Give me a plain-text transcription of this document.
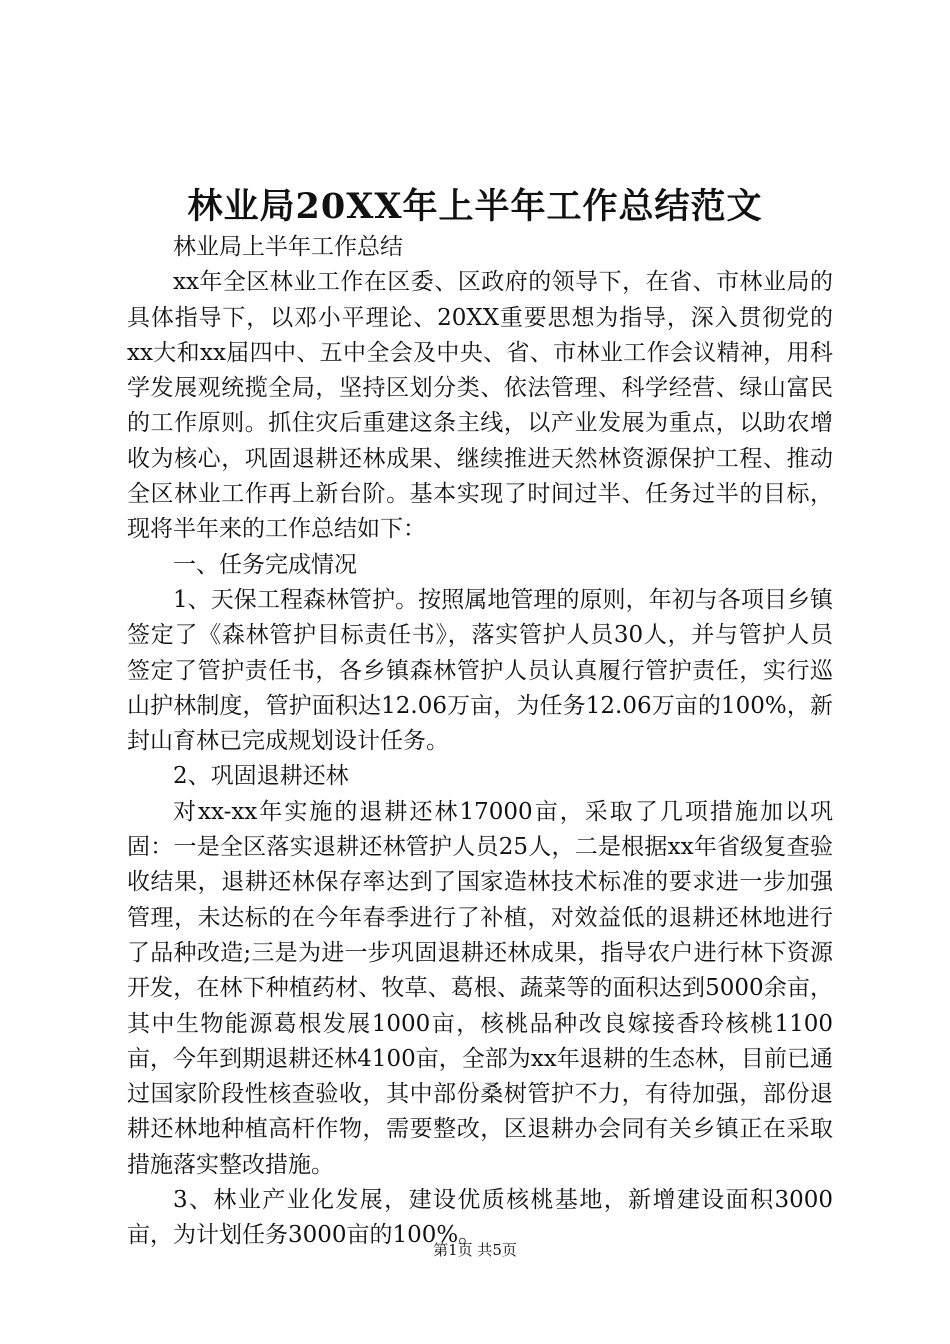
林业局20XX年上半年工作总结范文

林业局上半年工作总结

xx年全区林业工作在区委、区政府的领导下，在省、市林业局的具体指导下，以邓小平理论、20XX重要思想为指导，深入贯彻党的xx大和xx届四中、五中全会及中央、省、市林业工作会议精神，用科学发展观统揽全局，坚持区划分类、依法管理、科学经营、绿山富民的工作原则。抓住灾后重建这条主线，以产业发展为重点，以助农增收为核心，巩固退耕还林成果、继续推进天然林资源保护工程、推动全区林业工作再上新台阶。基本实现了时间过半、任务过半的目标，现将半年来的工作总结如下：

一、任务完成情况

1、天保工程森林管护。按照属地管理的原则，年初与各项目乡镇签定了《森林管护目标责任书》，落实管护人员30人，并与管护人员签定了管护责任书，各乡镇森林管护人员认真履行管护责任，实行巡山护林制度，管护面积达12.06万亩，为任务12.06万亩的100%，新封山育林已完成规划设计任务。

2、巩固退耕还林

对xx-xx年实施的退耕还林17000亩，采取了几项措施加以巩固：一是全区落实退耕还林管护人员25人，二是根据xx年省级复查验收结果，退耕还林保存率达到了国家造林技术标准的要求进一步加强管理，未达标的在今年春季进行了补植，对效益低的退耕还林地进行了品种改造;三是为进一步巩固退耕还林成果，指导农户进行林下资源开发，在林下种植药材、牧草、葛根、蔬菜等的面积达到5000余亩，其中生物能源葛根发展1000亩，核桃品种改良嫁接香玲核桃1100亩，今年到期退耕还林4100亩，全部为xx年退耕的生态林，目前已通过国家阶段性核查验收，其中部份桑树管护不力，有待加强，部份退耕还林地种植高杆作物，需要整改，区退耕办会同有关乡镇正在采取措施落实整改措施。

3、林业产业化发展，建设优质核桃基地，新增建设面积3000亩，为计划任务3000亩的100%。

第1页 共5页
